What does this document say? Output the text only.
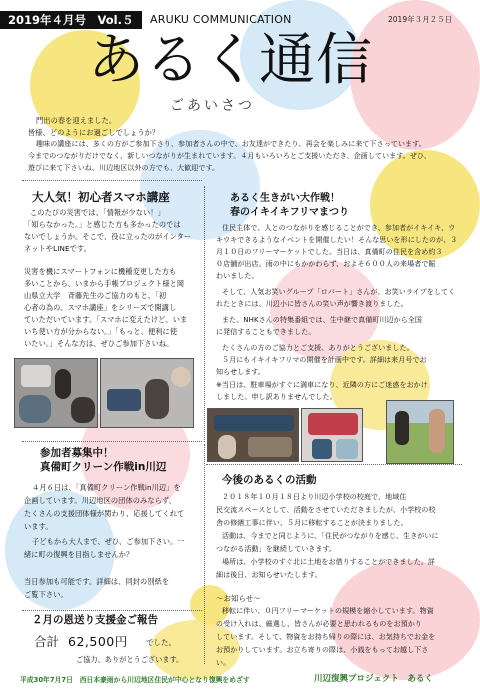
2019年４月号　Vol.５	ARUKU COMMUNICATION	2019年３月２５日
あるく通信
ごあいさつ
門出の春を迎えました。
皆様、どのようにお過ごしでしょうか？
趣味の講座には、多くの方がご参加下さり、参加者さんの中で、お友達ができたり、再会を楽しみに来て下さっています。
今までのつながりだけでなく、新しいつながりが生まれています。４月もいろいろとご支援いただき、企画しています。ぜひ、
遊びに来て下さいね。川辺地区以外の方でも、大歓迎です。
大人気！初心者スマホ講座
このたびの災害では、「情報が少ない！」
「知らなかった。」と感じた方も多かったのでは
ないでしょうか。そこで、役に立ったのがインター
ネットやLINEです。
災害を機にスマートフォンに機種変更した方も
多いことから、いまから手帳プロジェクト様と岡
山県立大学　斉藤先生のご協力のもと、「初
心者の為の、スマホ講座」をシリーズで開講し
ていただいています。「スマホに変えたけど、いま
いち使い方が分からない。」「もっと、便利に使
いたい。」そんな方は、ぜひご参加下さいね。
あるく生きがい大作戦！
春のイキイキフリマまつり
住民主体で、人とのつながりを感じることができ、参加者がイキイキ、ウ
キウキできるようなイベントを開催したい！そんな思いを形にしたのが、３
月１０日のフリーマーケットでした。当日は、真備町の住民を含め約３
０店舗が出店。雨の中にもかかわらず、およそ６００人の来場者で賑
わいました。
そして、人気お笑いグループ「ロバート」さんが、お笑いライブをしてく
れたときには、川辺小に皆さんの笑い声が響き渡りました。
また、NHKさんの特集番組では、生中継で真備町川辺から全国
に発信することもできました。
たくさんの方のご協力とご支援、ありがとうございました。
５月にもイキイキフリマの開催を計画中です。詳細は来月号でお
知らせします。
※当日は、駐車場がすぐに満車になり、近隣の方にご迷惑をおかけ
しました。申し訳ありませんでした。
参加者募集中！
真備町クリーン作戦in川辺
４月６日は、「真備町クリーン作戦in川辺」を
企画しています。川辺地区の団体のみならず、
たくさんの支援団体様が関わり、応援してくれて
います。
子どもから大人まで、ぜひ、ご参加下さい。一
緒に町の復興を目指しませんか？
当日参加も可能です。詳細は、同封の別紙を
ご覧下さい。
２月の恩送り支援金ご報告
合計 62,500円 でした。
ご協力、ありがとうございます。
今後のあるくの活動
２０１８年１０月１８日より川辺小学校の校庭で、地域住
民交流スペースとして、活動をさせていただきましたが、小学校の校
舎の修繕工事に伴い、５月に移転することが決まりました。
活動は、今までと同じように、「住民がつながりを感じ、生きがいに
つながる活動」を継続していきます。
場所は、小学校のすぐ北に土地をお借りすることができました。詳
細は後日、お知らせいたします。
〜お知らせ〜
移転に伴い、０円フリーマーケットの規模を縮小しています。物資
の受け入れは、厳選し、皆さんが必要と思われるものをお預かり
しています。そして、物資をお持ち帰りの際には、お気持ちでお金を
お預かりしています。お立ち寄りの際は、小銭をもってお越し下さ
い。
平成30年7月7日　西日本豪雨から川辺地区住民が中心となり復興をめざす	川辺復興プロジェクト　あるく
